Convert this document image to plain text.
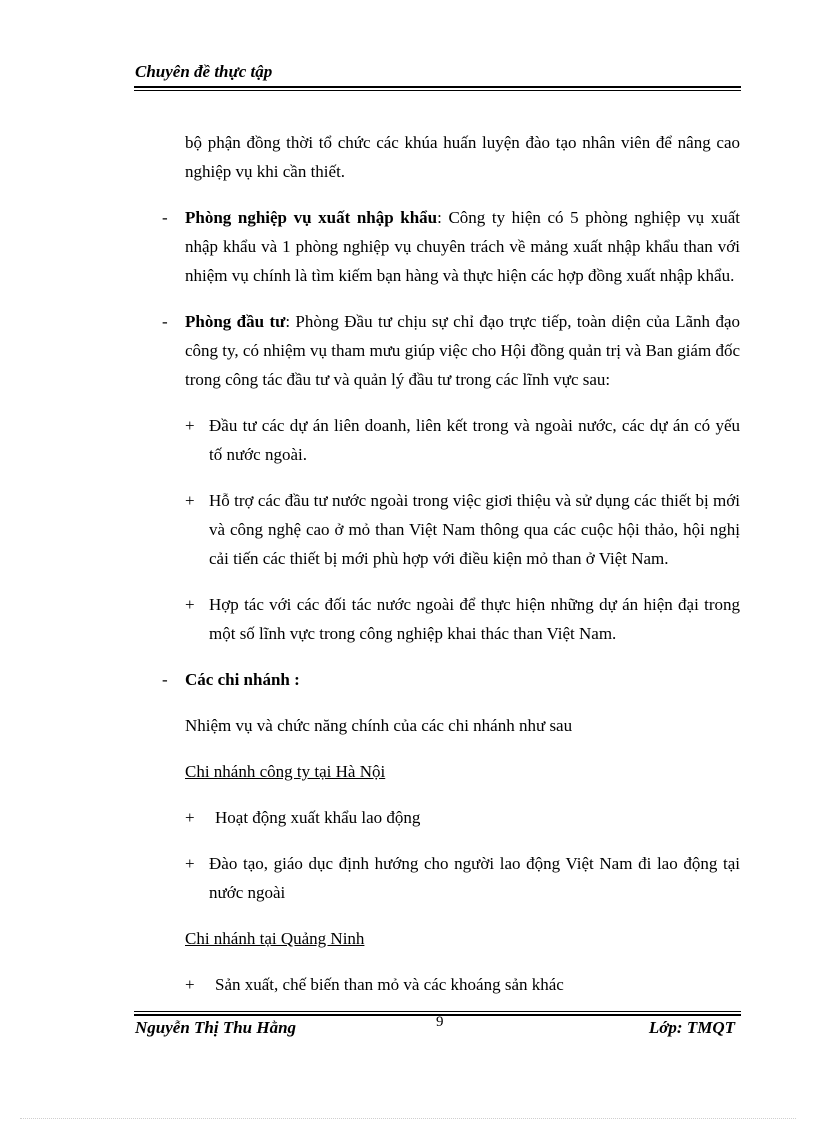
Chuyên đề thực tập

bộ phận đồng thời tổ chức các khúa huấn luyện đào tạo nhân viên để nâng cao nghiệp vụ khi cần thiết.

- Phòng nghiệp vụ xuất nhập khẩu: Công ty hiện có 5 phòng nghiệp vụ xuất nhập khẩu và 1 phòng nghiệp vụ chuyên trách về mảng xuất nhập khẩu than với nhiệm vụ chính là tìm kiếm bạn hàng và thực hiện các hợp đồng xuất nhập khẩu.

- Phòng đầu tư: Phòng Đầu tư chịu sự chỉ đạo trực tiếp, toàn diện của Lãnh đạo công ty, có nhiệm vụ tham mưu giúp việc cho Hội đồng quản trị và Ban giám đốc trong công tác đầu tư và quản lý đầu tư trong các lĩnh vực sau:

+ Đầu tư các dự án liên doanh, liên kết trong và ngoài nước, các dự án có yếu tố nước ngoài.

+ Hỗ trợ các đầu tư nước ngoài trong việc giơi thiệu và sử dụng các thiết bị mới và công nghệ cao ở mỏ than Việt Nam thông qua các cuộc hội thảo, hội nghị cải tiến các thiết bị mới phù hợp với điều kiện mỏ than ở Việt Nam.

+ Hợp tác với các đối tác nước ngoài để thực hiện những dự án hiện đại trong một số lĩnh vực trong công nghiệp khai thác than Việt Nam.

- Các chi nhánh :

Nhiệm vụ và chức năng chính của các chi nhánh như sau

Chi nhánh công ty tại Hà Nội

+ Hoạt động xuất khẩu lao động

+ Đào tạo, giáo dục định hướng cho người lao động Việt Nam đi lao động tại nước ngoài

Chi nhánh tại Quảng Ninh

+ Sản xuất, chế biến than mỏ và các khoáng sản khác

Nguyễn Thị Thu Hằng	9	Lớp: TMQT
